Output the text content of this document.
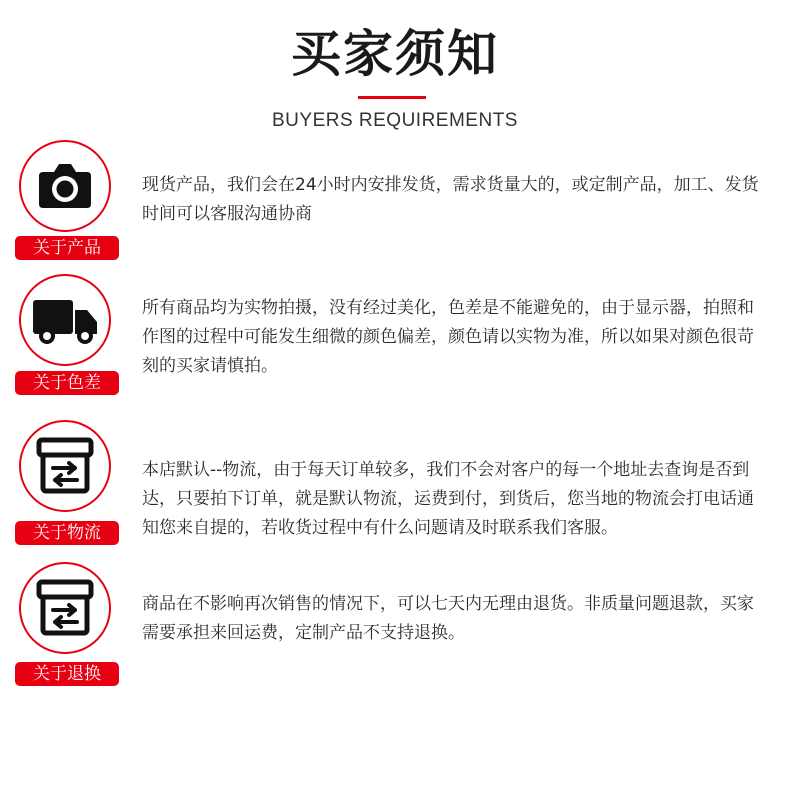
买家须知
BUYERS REQUIREMENTS
关于产品

现货产品，我们会在24小时内安排发货，需求货量大的，或定制产品，加工、发货时间可以客服沟通协商

关于色差

所有商品均为实物拍摄，没有经过美化，色差是不能避免的，由于显示器，拍照和作图的过程中可能发生细微的颜色偏差，颜色请以实物为准，所以如果对颜色很苛刻的买家请慎拍。

关于物流

本店默认--物流，由于每天订单较多，我们不会对客户的每一个地址去查询是否到达，只要拍下订单，就是默认物流，运费到付，到货后，您当地的物流会打电话通知您来自提的，若收货过程中有什么问题请及时联系我们客服。

关于退换

商品在不影响再次销售的情况下，可以七天内无理由退货。非质量问题退款，买家需要承担来回运费，定制产品不支持退换。
